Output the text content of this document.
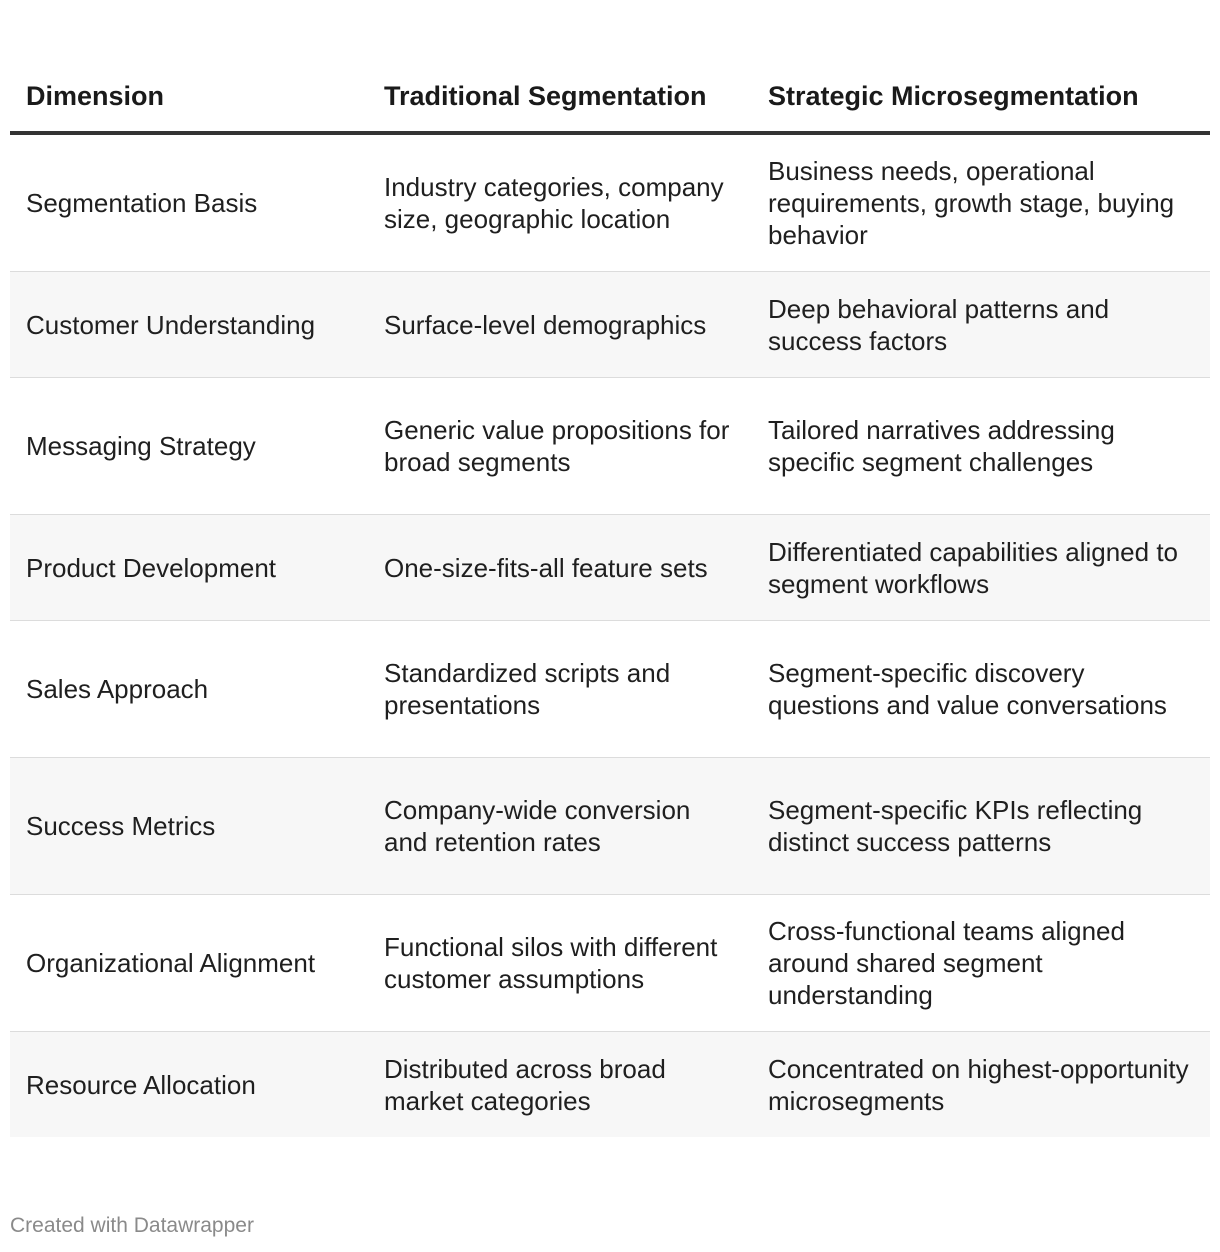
Dimension	Traditional Segmentation	Strategic Microsegmentation
Segmentation Basis	Industry categories, company size, geographic location	Business needs, operational requirements, growth stage, buying behavior
Customer Understanding	Surface-level demographics	Deep behavioral patterns and success factors
Messaging Strategy	Generic value propositions for broad segments	Tailored narratives addressing specific segment challenges
Product Development	One-size-fits-all feature sets	Differentiated capabilities aligned to segment workflows
Sales Approach	Standardized scripts and presentations	Segment-specific discovery questions and value conversations
Success Metrics	Company-wide conversion and retention rates	Segment-specific KPIs reflecting distinct success patterns
Organizational Alignment	Functional silos with different customer assumptions	Cross-functional teams aligned around shared segment understanding
Resource Allocation	Distributed across broad market categories	Concentrated on highest-opportunity microsegments
Created with Datawrapper
